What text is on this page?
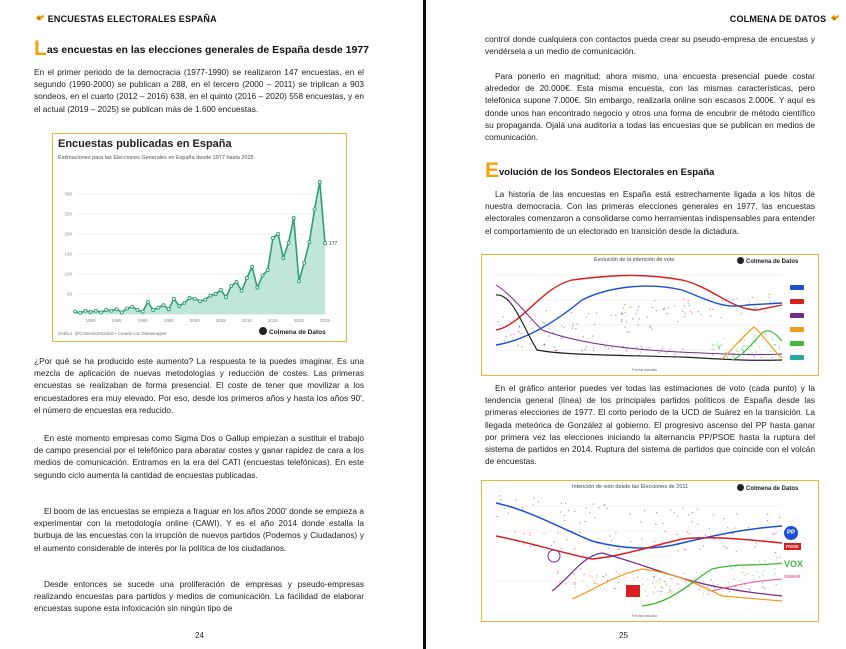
ENCUESTAS ELECTORALES ESPAÑA
Las encuestas en las elecciones generales de España desde 1977

En el primer periodo de la democracia (1977-1990) se realizaron 147 encuestas, en el segundo (1990-2000) se publican a 288, en el tercero (2000 – 2011) se triplican a 903 sondeos, en el cuarto (2012 – 2016) 638, en el quinto (2016 – 2020) 558 encuestas, y en el actual (2019 – 2025) se publican más de 1.600 encuestas.

Encuestas publicadas en España
Estimaciones para las Elecciones Generales en España desde 1977 hasta 2025
50
100
150
200
250
300
1980	1985	1990	1995	2000	2005	2010	2015	2020	2025
177
Gráfico: @ColmenaDeDatos • Creado con Datawrapper	Colmena de Datos

¿Por qué se ha producido este aumento? La respuesta te la puedes imaginar. Es una mezcla de aplicación de nuevas metodologías y reducción de costes. Las primeras encuestas se realizaban de forma presencial. El coste de tener que movilizar a los encuestadores era muy elevado. Por eso, desde los primeros años y hasta los años 90', el número de encuestas era reducido.

En este momento empresas como Sigma Dos o Gallup empiezan a sustituir el trabajo de campo presencial por el telefónico para abaratar costes y ganar rapidez de cara a los medios de comunicación. Entramos en la era del CATI (encuestas telefónicas). En este segundo ciclo aumenta la cantidad de encuestas publicadas.

El boom de las encuestas se empieza a fraguar en los años 2000' donde se empieza a experimentar con la metodología online (CAWI). Y es el año 2014 donde estalla la burbuja de las encuestas con la irrupción de nuevos partidos (Podemos y Ciudadanos) y el aumento considerable de interés por la política de los ciudadanos.

Desde entonces se sucede una proliferación de empresas y pseudo-empresas realizando encuestas para partidos y medios de comunicación. La facilidad de elaborar encuestas supone esta infoxicación sin ningún tipo de

24
COLMENA DE DATOS

control donde cualquiera con contactos pueda crear su pseudo-empresa de encuestas y vendérsela a un medio de comunicación.

Para ponerlo en magnitud; ahora mismo, una encuesta presencial puede costar alrededor de 20.000€. Esta misma encuesta, con las mismas características, pero telefónica supone 7.000€. Sin embargo, realizarla online son escasos 2.000€. Y aquí es donde unos han encontrado negocio y otros una forma de encubrir de método científico su propaganda. Ojalá una auditoría a todas las encuestas que se publican en medios de comunicación.

Evolución de los Sondeos Electorales en España

La historia de las encuestas en España está estrechamente ligada a los hitos de nuestra democracia. Con las primeras elecciones generales en 1977, las encuestas electorales comenzaron a consolidarse como herramientas indispensables para entender el comportamiento de un electorado en transición desde la dictadura.

Evolución de la intención de voto	Colmena de Datos
Fecha estudio

En el gráfico anterior puedes ver todas las estimaciones de voto (cada punto) y la tendencia general (línea) de los principales partidos políticos de España desde las primeras elecciones de 1977. El corto periodo de la UCD de Suárez en la transición. La llegada meteórica de González al gobierno. El progresivo ascenso del PP hasta ganar por primera vez las elecciones iniciando la alternancia PP/PSOE hasta la ruptura del sistema de partidos en 2014. Ruptura del sistema de partidos que coincide con el volcán de encuestas.

Intención de voto desde las Elecciones de 2011	Colmena de Datos
PP
PSOE
VOX
SUMAR
Fecha estudio
25
